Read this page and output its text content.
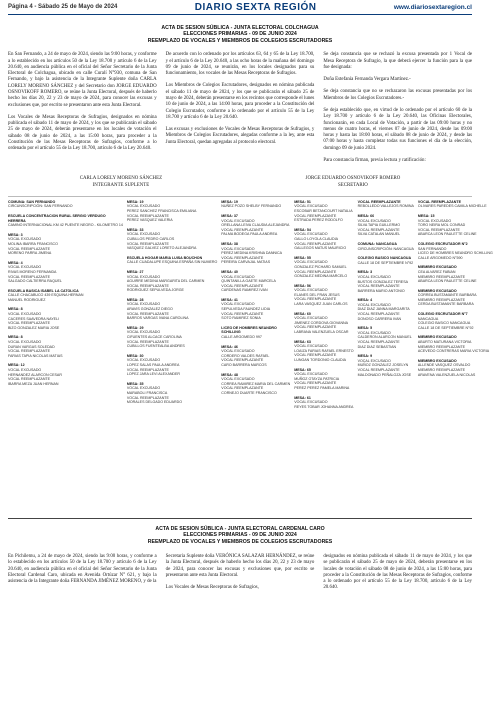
Página 4 - Sábado 25 de Mayo de 2024	DIARIO SEXTA REGIÓN	www.diariosextaregion.cl
ACTA DE SESION SÚBLICA - JUNTA ELECTORAL COLCHAGUA
ELECCIONES PRIMARIAS - 09 DE JUNIO 2024
REEMPLAZO DE VOCALES Y MIEMBROS DE COLEGIOS ESCRUTADORES

En San Fernando, a 24 de mayo de 2024, siendo las 9:00 horas, y conforme a lo establecido en los artículos 50 de la Ley 18.700 y artículo 6 de la Ley 20.640, en audiencia pública en el oficial del Señor Secretario de la Junta Electoral de Colchagua, ubicado en calle Curalí N°930, comuna de San Fernando, y bajo la asistencia de la Integrante Suplente doña CARLA LORELY MORENO SÁNCHEZ y del Secretario don JORGE EDUARDO OSNOVIKOFF ROMERO, se reúne la Junta Electoral, después de haberlo hecho los días 20, 22 y 23 de mayo de 2024, para conocer las excusas y exclusiones que, por escrito se presentaron ante esta Junta Electoral.

Los Vocales de Mesas Receptoras de Sufragios, designados en nómina publicada el sábado 11 de mayo de 2024, y los que se publicarán el sábado 25 de mayo de 2024, deberán presentarse en los locales de votación el sábado 08 de junio de 2024, a las 15:00 horas, para proceder a la Constitución de las Mesas Receptoras de Sufragios, conforme a lo ordenado por el artículo 55 de la Ley 18.700, artículo 6 de la Ley 20.640.

De acuerdo con lo ordenado por los artículos 63, 64 y 65 de la Ley 18.700, y el artículo 6 de la Ley 20.640, a las ocho horas de la mañana del domingo 09 de junio de 2024, se reunirán, en los locales designados para su funcionamiento, los vocales de las Mesas Receptoras de Sufragios.

Los Miembros de Colegios Escrutadores, designados en nómina publicada el sábado 11 de mayo de 2024, y los que se publicarán el sábado 25 de mayo de 2024, deberán presentarse en los recintos que corresponde el lunes 10 de junio de 2024, a las 14:00 horas, para proceder a la Constitución del Colegio Escrutador, conforme a lo ordenado por el artículo 55 de la Ley 18.700 y artículo 6 de la Ley 20.640.

Las excusas y exclusiones de Vocales de Mesas Receptoras de Sufragios, y Miembros de Colegios Escrutadores, alegadas conforme a la ley, ante esta Junta Electoral, quedan agregadas al protocolo electoral.

Se deja constancia que se rechazó la excusa presentada por 1 Vocal de Mesa Receptora de Sufragio, la que deberá ejercer la función para la que fue designada:

Doña Estefanía Fernanda Vergara Martínez.-

Se deja constancia que no se rechazaron las excusas presentadas por los Miembros de los Colegios Escrutadores.-

Se deja establecido que, en virtud de lo ordenado por el artículo 60 de la Ley 18.700 y artículo 6 de la Ley 20.640, las Oficinas Electorales, funcionarán, en cada Local de Votación, a partir de las 09:00 horas y no menos de cuatro horas, el viernes 07 de junio de 2024, desde las 09:00 horas y hasta las 18:00 horas, el sábado 08 de junio de 2024, y desde las 07:00 horas y hasta completar todas sus funciones el día de la elección, domingo 09 de junio 2024.

Para constancia firman, previa lectura y ratificación:

CARLA LORELY MORENO SÁNCHEZ
INTEGRANTE SUPLENTE
JORGE EDUARDO OSNOVIKOFF ROMERO
SECRETARIO
COMUNA: SAN FERNANDO
CIRCUNSCRIPCIÓN: SAN FERNANDO
ESCUELA CONCENTRACION RURAL SERGIO VERDUGO HERRERA
CAMINO INTERNACIONAL KM 42 PUENTE NEGRO - KILOMETRO 14
MESA: 3
VOCAL EXCUSADO
MOLINA IBARRA FRANCISCO
VOCAL REEMPLAZANTE
MORENO PARRA JIMENA
MESA: 4
VOCAL EXCUSADO
RIVAS MORENO FERNANDA
VOCAL REEMPLAZANTE
SALGADO CALTIERRA RAQUEL
ESCUELA BASICA ISABEL LA CATOLICA
CALLE CHACABUCO 439 ESQUINA HERNAN
MANUEL RODRIGUEZ
MESA: 8
VOCAL EXCUSADO
CACERES SAAVEDRA NAYELI
VOCAL REEMPLAZANTE
BIZO GONZALEZ MARIA JOSE
MESA: 8
VOCAL EXCUSADO
DURAN VARGAS SOLEDAD
VOCAL REEMPLAZANTE
FARIAS TAPIA NICOLAS MATIAS
MESA: 12
VOCAL EXCUSADO
HERNANDEZ ALARCON CESAR
VOCAL REEMPLAZANTE
IBARRA MEZA JUAN HERNAN
MESA: 19
VOCAL EXCUSADO
PEREZ SANCHEZ FRANCISCA EMILIANA
VOCAL REEMPLAZANTE
PEREZ VASQUEZ VALERIA
MESA: 33
VOCAL EXCUSADO
CUBILLOS PEDRO CARLOS
VOCAL REEMPLAZANTE
VASQUEZ GALVEZ LORETO ALEJANDRA
ESCUELA HOGAR MARIA LUISA BOUCHON
CALLE CUADALUPE ESQUINA ESPAÑA SIN NUMERO
MESA: 27
VOCAL EXCUSADO
AGUIRRE MEDINA MARGARITA DEL CARMEN
VOCAL REEMPLAZANTE
RODRIGUEZ SEPULVEDA JORGE
MESA: 28
VOCAL EXCUSADO
ARAVIS GONZALEZ DIEGO
VOCAL REEMPLAZANTE
BARROS VARGAS IVANA CAROLINA
MESA: 29
VOCAL EXCUSADO
CIFUENTES ALCACE CAROLINA
VOCAL REEMPLAZANTE
CUBILLOS FUENTEALBA ANDRES
MESA: 30
VOCAL EXCUSADO
LOPEZ SALAS PAULA ANDREA
VOCAL REEMPLAZANTE
LOPEZ JARA LEVI ALEXANDER
MESA: 35
VOCAL EXCUSADO
MARABOLI FRANCISCA
VOCAL REEMPLAZANTE
MORALES DELGADO EDUARDO
MESA: 19
NUÑEZ POZO SHELBY FERNANDO
MESA: 37
VOCAL EXCUSADO
ORELLANA LEIVA CLAUDIA ALEJANDRA
VOCAL REEMPLAZANTE
PALMA BODEGA PAULA ANDREA
MESA: 38
VOCAL EXCUSADO
PEREZ MEDINA KRISHNA DANNICA
VOCAL REEMPLAZANTE
PEREIRA CARVAJAL MATIAS
MESA: 40
VOCAL EXCUSADO
QUINTANILLA GAETE MARCELA
VOCAL REEMPLAZANTE
CARDENAS RAMIREZ IVAN
MESA: 41
VOCAL EXCUSADO
SEPULVEDA FAUNDEZ LIDIA
VOCAL REEMPLAZANTE
SOTO RAMIREZ SONIA
LICEO DE HOMBRES NEANDRO SCHILLING
CALLE ARGOMEDO 997
MESA: 46
VOCAL EXCUSADO
CORDERO VALDES RAFAEL
VOCAL REEMPLAZANTE
CARO BARRERA MARCOS
MESA: 48
VOCAL EXCUSADO
CORREA RAMIREZ MARIA DEL CARMEN
VOCAL REEMPLAZANTE
CORNEJO DUARTE FRANCISCO
MESA: 51
VOCAL EXCUSADO
ESCOBAR BETANCOURT NATALIA
VOCAL REEMPLAZANTE
ESTRADA PEREZ RODOLFO
MESA: 54
VOCAL EXCUSADO
GALLO LOYOLA CLAUDIA
VOCAL REEMPLAZANTE
GALLEGOS MATUS MAURICIO
MESA: 55
VOCAL EXCUSADO
GONZALEZ PICHARD SAMUEL
VOCAL REEMPLAZANTE
GONZALEZ MEDINA MARCELO
MESA: 56
VOCAL EXCUSADO
ELANES DEL FRAN JESUS
VOCAL REEMPLAZANTE
LARA VASQUEZ JUAN CARLOS
MESA: 60
VOCAL EXCUSADO
JIMENEZ CORDOVA GIOVANNA
VOCAL REEMPLAZANTE
LABRANA VALENZUELA OSCAR
MESA: 63
VOCAL EXCUSADO
LOAIZA FARIAS RAFAEL ERNESTO
VOCAL REEMPLAZANTE
LUNGAN TORDONIO CLAUDIA
MESA: 65
VOCAL EXCUSADO
MUÑOZ OTAYZA PATRICIA
VOCAL REEMPLAZANTE
PEREZ PEREZ PAMELA MARINA
MESA: 61
VOCAL EXCUSADO
REYES TOBAR JOHANNA ANDREA
VOCAL REEMPLAZANTE
REBOLLEDO VALLEJOS ROMINA
MESA: 66
VOCAL EXCUSADO
SILVA TAPIA GUILLERMO
VOCAL REEMPLAZANTE
SILVA CATALAN MANUEL
COMUNA: NANCAGUA
CIRCUNSCRIPCIÓN: NANCAGUA
COLEGIO BASICO NANCAGUA
CALLE 18 DE SEPTIEMBRE N°92
MESA: 3
VOCAL EXCUSADO
BUSTOS GONZALEZ TERESA
VOCAL REEMPLAZANTE
BARRERA MARIO ANTONIO
MESA: 4
VOCAL EXCUSADO
DIAZ DIAZ JANNA MARGARITA
VOCAL REEMPLAZANTE
DONOSO CARRERA IVAN
MESA: 5
VOCAL EXCUSADO
CALDERON ALARCON MANUEL
VOCAL REEMPLAZANTE
DIAZ DIAZ SEBASTIAN
MESA: 9
VOCAL EXCUSADO
MUÑOZ GONZALEZ JOSELYN
VOCAL REEMPLAZANTE
MALDONADO PEÑALOZA JOSE
VOCAL REEMPLAZANTE
OLIVARES PAREDES CAMILA MICHELLE
MESA: 15
VOCAL EXCUSADO
TORO NEIRA MOL CONRAD
VOCAL REEMPLAZANTE
ABARCA LEON PAULETTE CELINE
COLEGIO ESCRUTADOR N°2
SAN FERNANDO
LICEO DE HOMBRES NEANDRO SCHILLING
CALLE ARGOMEDO N°590
MIEMBRO EXCUSADO
CEA ALVAREZ FABIAN
MIEMBRO REEMPLAZANTE
ABARCA LEON PAULETTE CELINE
MIEMBRO EXCUSADO
CORREA BUSTAMANTE BARBARA
MIEMBRO REEMPLAZANTE
CERDA BUSTAMANTE BARBARA
COLEGIO ESCRUTADOR N°7
NANCAGUA
COLEGIO BASICO NANCAGUA
CALLE 18 DE SEPTIEMBRE N°92
MIEMBRO EXCUSADO
ABURTO MATURANA VICTORIA
MIEMBRO REEMPLAZANTE
ACEVEDO CONTRERAS MARIA VICTORIA
MIEMBRO EXCUSADO
ALLENDE VASQUEZ OSVALDO
MIEMBRO REEMPLAZANTE
ARAVENA VALENZUELA NICOLAS
ACTA DE SESION SÚBLICA - JUNTA ELECTORAL CARDENAL CARO
ELECCIONES PRIMARIAS - 09 DE JUNIO 2024
REEMPLAZO DE VOCALES Y MIEMBROS DE COLEGIOS ESCRUTADORES

En Pichilemu, a 24 de mayo de 2024, siendo las 9:00 horas, y conforme a lo establecido en los artículos 50 de la Ley 18.700 y artículo 6 de la Ley 20.640, en audiencia pública en el oficial del Señor Secretario de la Junta Electoral Cardenal Caro, ubicada en Avenida Ortúzar N° 621, y bajo la asistencia de la Integrante doña FERNANDA JIMÉNEZ MORENO, y de la

Secretaria Suplente doña VERÓNICA SALAZAR HERNÁNDEZ, se reúne la Junta Electoral, después de haberlo hecho los días 20, 22 y 23 de mayo de 2024, para conocer las excusas y exclusiones que, por escrito se presentaron ante esta Junta Electoral.

Los Vocales de Mesas Receptoras de Sufragios,

designados en nómina publicada el sábado 11 de mayo de 2024, y los que se publicarán el sábado 25 de mayo de 2024, deberán presentarse en los locales de votación el sábado 08 de junio de 2024, a las 15:00 horas, para proceder a la Constitución de las Mesas Receptoras de Sufragios, conforme a lo ordenado por el artículo 55 de la Ley 18.700, artículo 6 de la Ley 20.640.
